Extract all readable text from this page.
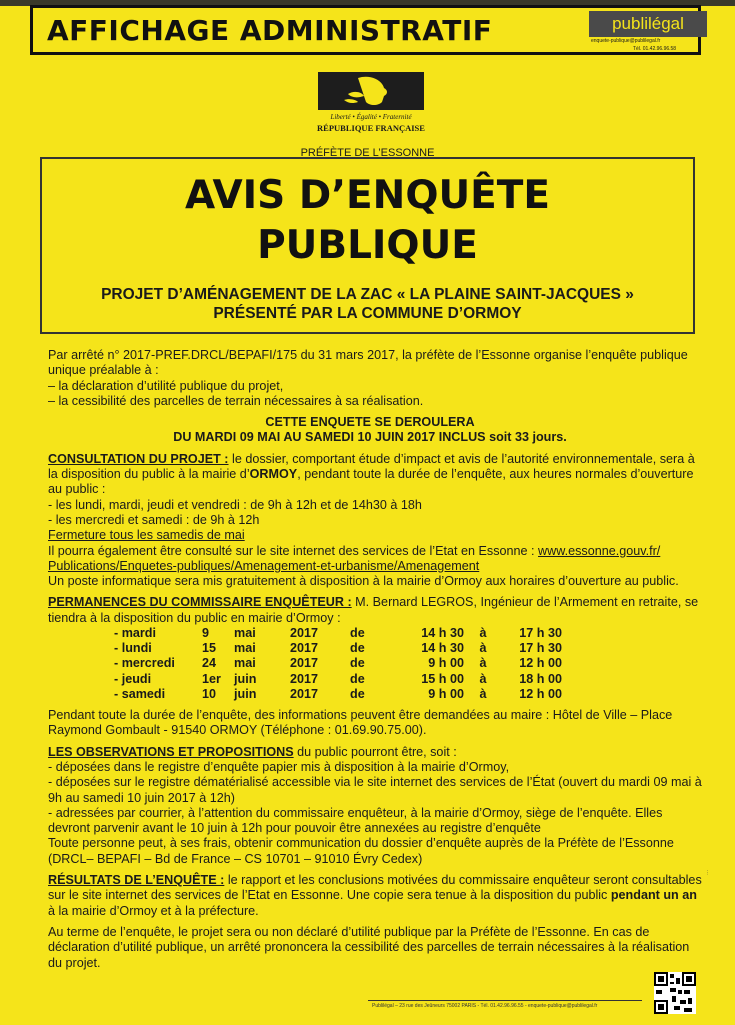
AFFICHAGE ADMINISTRATIF	publilégal
enquete-publique@publilegal.fr
Tél. 01.42.96.96.58
Liberté • Égalité • Fraternité
RÉPUBLIQUE FRANÇAISE
PRÉFÈTE DE L’ESSONNE
AVIS D’ENQUÊTE
PUBLIQUE
PROJET D’AMÉNAGEMENT DE LA ZAC « LA PLAINE SAINT-JACQUES »
PRÉSENTÉ PAR LA COMMUNE D’ORMOY

Par arrêté n° 2017-PREF.DRCL/BEPAFI/175 du 31 mars 2017, la préfète de l’Essonne organise l’enquête publique unique préalable à :

– la déclaration d’utilité publique du projet,

– la cessibilité des parcelles de terrain nécessaires à sa réalisation.

CETTE ENQUETE SE DEROULERA

DU MARDI 09 MAI AU SAMEDI 10 JUIN 2017 INCLUS soit 33 jours.

CONSULTATION DU PROJET : le dossier, comportant étude d’impact et avis de l’autorité environnementale, sera à la disposition du public à la mairie d’ORMOY, pendant toute la durée de l’enquête, aux heures normales d’ouverture au public :

- les lundi, mardi, jeudi et vendredi : de 9h à 12h et de 14h30 à 18h

- les mercredi et samedi : de 9h à 12h

Fermeture tous les samedis de mai

Il pourra également être consulté sur le site internet des services de l’Etat en Essonne : www.essonne.gouv.fr/
Publications/Enquetes-publiques/Amenagement-et-urbanisme/Amenagement

Un poste informatique sera mis gratuitement à disposition à la mairie d’Ormoy aux horaires d’ouverture au public.

PERMANENCES DU COMMISSAIRE ENQUÊTEUR : M. Bernard LEGROS, Ingénieur de l’Armement en retraite, se tiendra à la disposition du public en mairie d’Ormoy :

- mardi	9	mai	2017	de	14 h 30	à	17 h 30
- lundi	15	mai	2017	de	14 h 30	à	17 h 30
- mercredi	24	mai	2017	de	9 h 00	à	12 h 00
- jeudi	1er	juin	2017	de	15 h 00	à	18 h 00
- samedi	10	juin	2017	de	9 h 00	à	12 h 00

Pendant toute la durée de l’enquête, des informations peuvent être demandées au maire : Hôtel de Ville – Place Raymond Gombault - 91540 ORMOY (Téléphone : 01.69.90.75.00).

LES OBSERVATIONS ET PROPOSITIONS du public pourront être, soit :

- déposées dans le registre d’enquête papier mis à disposition à la mairie d’Ormoy,

- déposées sur le registre dématérialisé accessible via le site internet des services de l’État (ouvert du mardi 09 mai à 9h au samedi 10 juin 2017 à 12h)

- adressées par courrier, à l’attention du commissaire enquêteur, à la mairie d’Ormoy, siège de l’enquête. Elles devront parvenir avant le 10 juin à 12h pour pouvoir être annexées au registre d’enquête

Toute personne peut, à ses frais, obtenir communication du dossier d’enquête auprès de la Préfète de l’Essonne (DRCL– BEPAFI – Bd de France – CS 10701 – 91010 Évry Cedex)

RÉSULTATS DE L’ENQUÊTE : le rapport et les conclusions motivées du commissaire enquêteur seront consultables sur le site internet des services de l’Etat en Essonne. Une copie sera tenue à la disposition du public pendant un an à la mairie d’Ormoy et à la préfecture.

Au terme de l’enquête, le projet sera ou non déclaré d’utilité publique par la Préfète de l’Essonne. En cas de déclaration d’utilité publique, un arrêté prononcera la cessibilité des parcelles de terrain nécessaires à la réalisation du projet.

···
Publilégal – 23 rue des Jeûneurs 75002 PARIS - Tél. 01.42.96.96.55 - enquete-publique@publilegal.fr
